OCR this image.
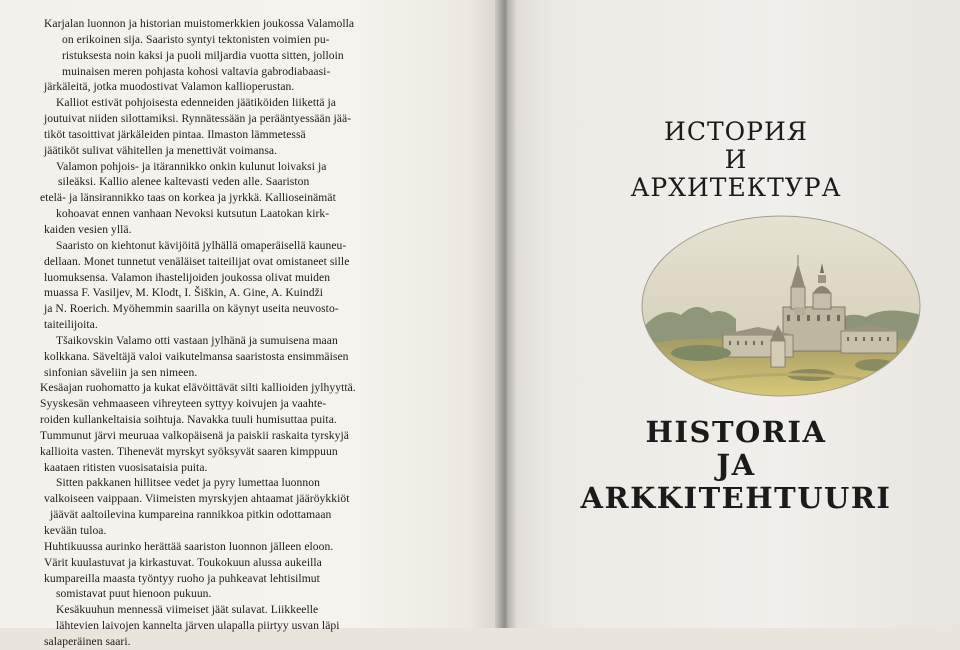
Karjalan luonnon ja historian muistomerkkien joukossa Valamolla
on erikoinen sija. Saaristo syntyi tektonisten voimien pu-
ristuksesta noin kaksi ja puoli miljardia vuotta sitten, jolloin
muinaisen meren pohjasta kohosi valtavia gabrodiabaasi-
järkäleitä, jotka muodostivat Valamon kallioperustan.
Kalliot estivät pohjoisesta edenneiden jäätiköiden liikettä ja
joutuivat niiden silottamiksi. Rynnätessään ja perääntyessään jää-
tiköt tasoittivat järkäleiden pintaa. Ilmaston lämmetessä
jäätiköt sulivat vähitellen ja menettivät voimansa.
Valamon pohjois- ja itärannikko onkin kulunut loivaksi ja
sileäksi. Kallio alenee kaltevasti veden alle. Saariston
etelä- ja länsirannikko taas on korkea ja jyrkkä. Kallioseinämät
kohoavat ennen vanhaan Nevoksi kutsutun Laatokan kirk-
kaiden vesien yllä.
Saaristo on kiehtonut kävijöitä jylhällä omaperäisellä kauneu-
dellaan. Monet tunnetut venäläiset taiteilijat ovat omistaneet sille
luomuksensa. Valamon ihastelijoiden joukossa olivat muiden
muassa F. Vasiljev, M. Klodt, I. Šiškin, A. Gine, A. Kuindži
ja N. Roerich. Myöhemmin saarilla on käynyt useita neuvosto-
taiteilijoita.
Tšaikovskin Valamo otti vastaan jylhänä ja sumuisena maan
kolkkana. Säveltäjä valoi vaikutelmansa saaristosta ensimmäisen
sinfonian säveliin ja sen nimeen.
Kesäajan ruohomatto ja kukat elävöittävät silti kallioiden jylhyyttä.
Syyskesän vehmaaseen vihreyteen syttyy koivujen ja vaahte-
roiden kullankeltaisia soihtuja. Navakka tuuli humisuttaa puita.
Tummunut järvi meuruaa valkopäisenä ja paiskii raskaita tyrskyjä
kallioita vasten. Tihenevät myrskyt syöksyvät saaren kimppuun
kaataen ritisten vuosisataisia puita.
Sitten pakkanen hillitsee vedet ja pyry lumettaa luonnon
valkoiseen vaippaan. Viimeisten myrskyjen ahtaamat jääröykkiöt
jäävät aaltoilevina kumpareina rannikkoa pitkin odottamaan
kevään tuloa.
Huhtikuussa aurinko herättää saariston luonnon jälleen eloon.
Värit kuulastuvat ja kirkastuvat. Toukokuun alussa aukeilla
kumpareilla maasta työntyy ruoho ja puhkeavat lehtisilmut
somistavat puut hienoon pukuun.
Kesäkuuhun mennessä viimeiset jäät sulavat. Liikkeelle
lähtevien laivojen kannelta järven ulapalla piirtyy usvan läpi
salaperäinen saari.
ИСТОРИЯ
И
АРХИТЕКТУРА
HISTORIA
JA
ARKKITEHTUURI
